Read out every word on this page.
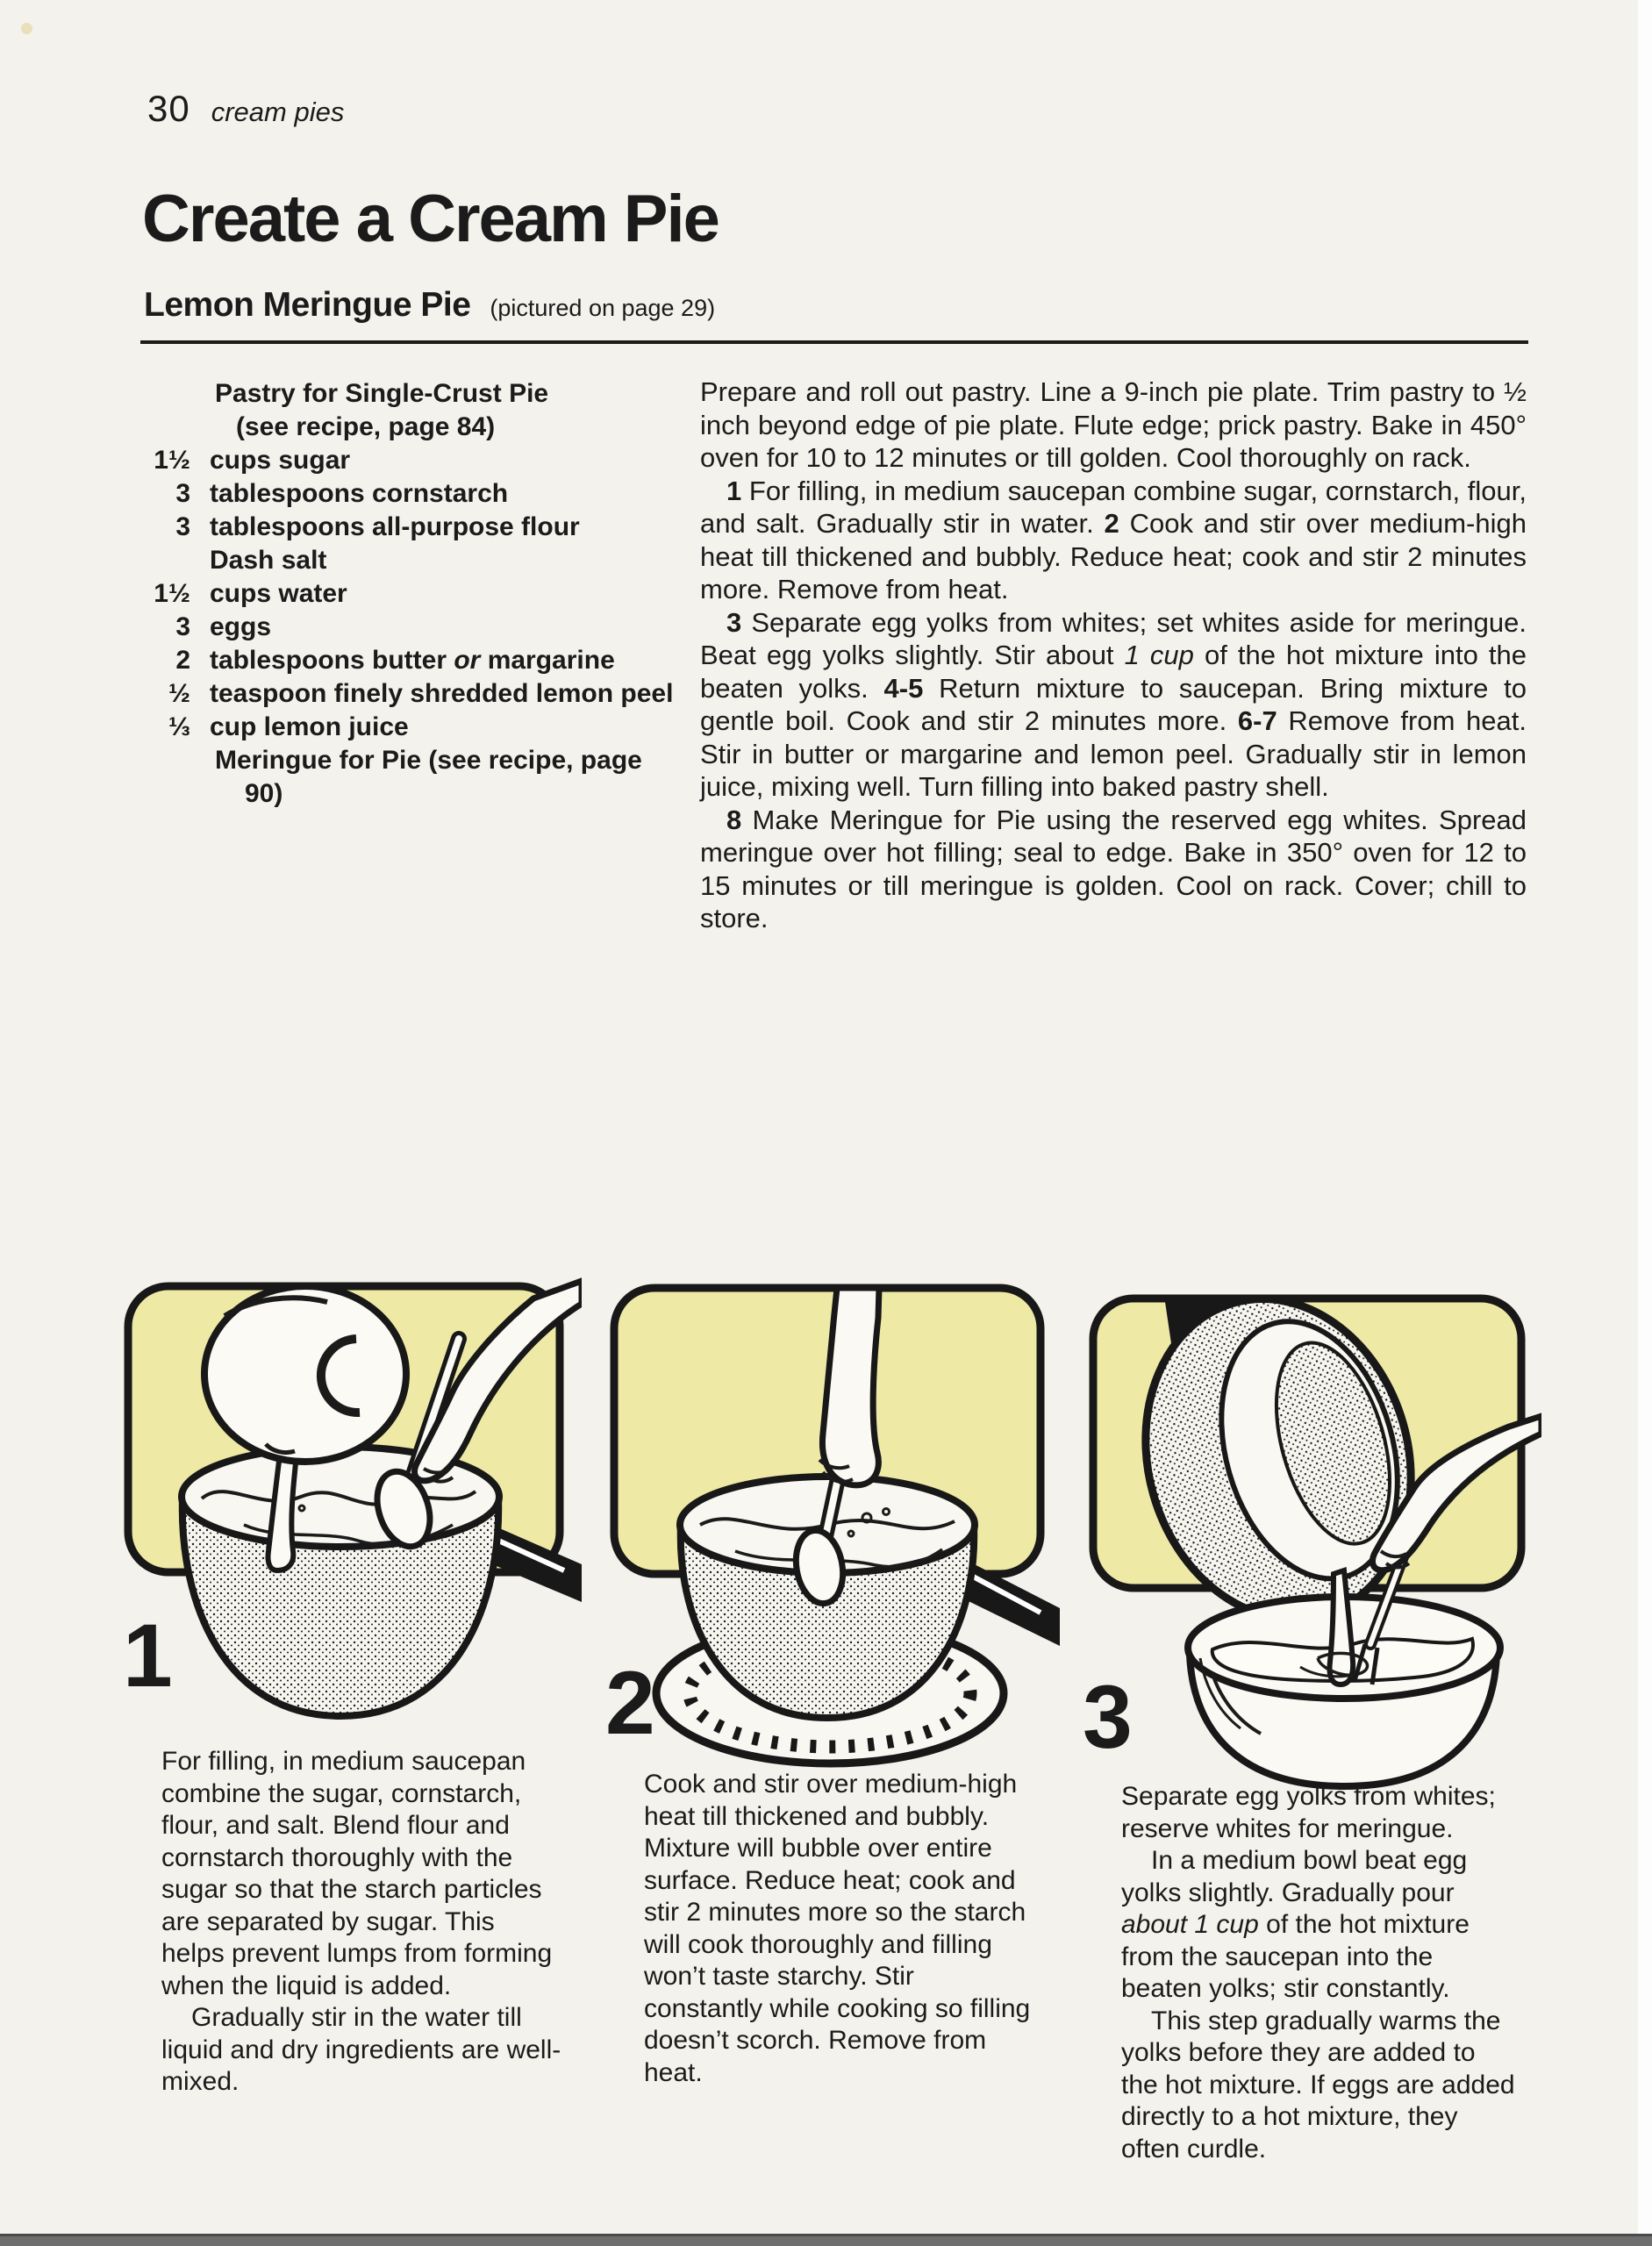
30 cream pies
Create a Cream Pie
Lemon Meringue Pie (pictured on page 29)
Pastry for Single-Crust Pie
(see recipe, page 84)
1½ cups sugar
3 tablespoons cornstarch
3 tablespoons all-purpose flour
Dash salt
1½ cups water
3 eggs
2 tablespoons butter or margarine
½ teaspoon finely shredded lemon peel
⅓ cup lemon juice
Meringue for Pie (see recipe, page 90)

Prepare and roll out pastry. Line a 9-inch pie plate. Trim pastry to ½ inch beyond edge of pie plate. Flute edge; prick pastry. Bake in 450° oven for 10 to 12 minutes or till golden. Cool thoroughly on rack.

1 For filling, in medium saucepan combine sugar, cornstarch, flour, and salt. Gradually stir in water. 2 Cook and stir over medium-high heat till thickened and bubbly. Reduce heat; cook and stir 2 minutes more. Remove from heat.

3 Separate egg yolks from whites; set whites aside for meringue. Beat egg yolks slightly. Stir about 1 cup of the hot mixture into the beaten yolks. 4-5 Return mixture to saucepan. Bring mixture to gentle boil. Cook and stir 2 minutes more. 6-7 Remove from heat. Stir in butter or margarine and lemon peel. Gradually stir in lemon juice, mixing well. Turn filling into baked pastry shell.

8 Make Meringue for Pie using the reserved egg whites. Spread meringue over hot filling; seal to edge. Bake in 350° oven for 12 to 15 minutes or till meringue is golden. Cool on rack. Cover; chill to store.

1

For filling, in medium saucepan combine the sugar, cornstarch, flour, and salt. Blend flour and cornstarch thoroughly with the sugar so that the starch particles are separated by sugar. This helps prevent lumps from forming when the liquid is added.

Gradually stir in the water till liquid and dry ingredients are well-mixed.

2

Cook and stir over medium-high heat till thickened and bubbly. Mixture will bubble over entire surface. Reduce heat; cook and stir 2 minutes more so the starch will cook thoroughly and filling won’t taste starchy. Stir constantly while cooking so filling doesn’t scorch. Remove from heat.

3

Separate egg yolks from whites; reserve whites for meringue.

In a medium bowl beat egg yolks slightly. Gradually pour about 1 cup of the hot mixture from the saucepan into the beaten yolks; stir constantly.

This step gradually warms the yolks before they are added to the hot mixture. If eggs are added directly to a hot mixture, they often curdle.
